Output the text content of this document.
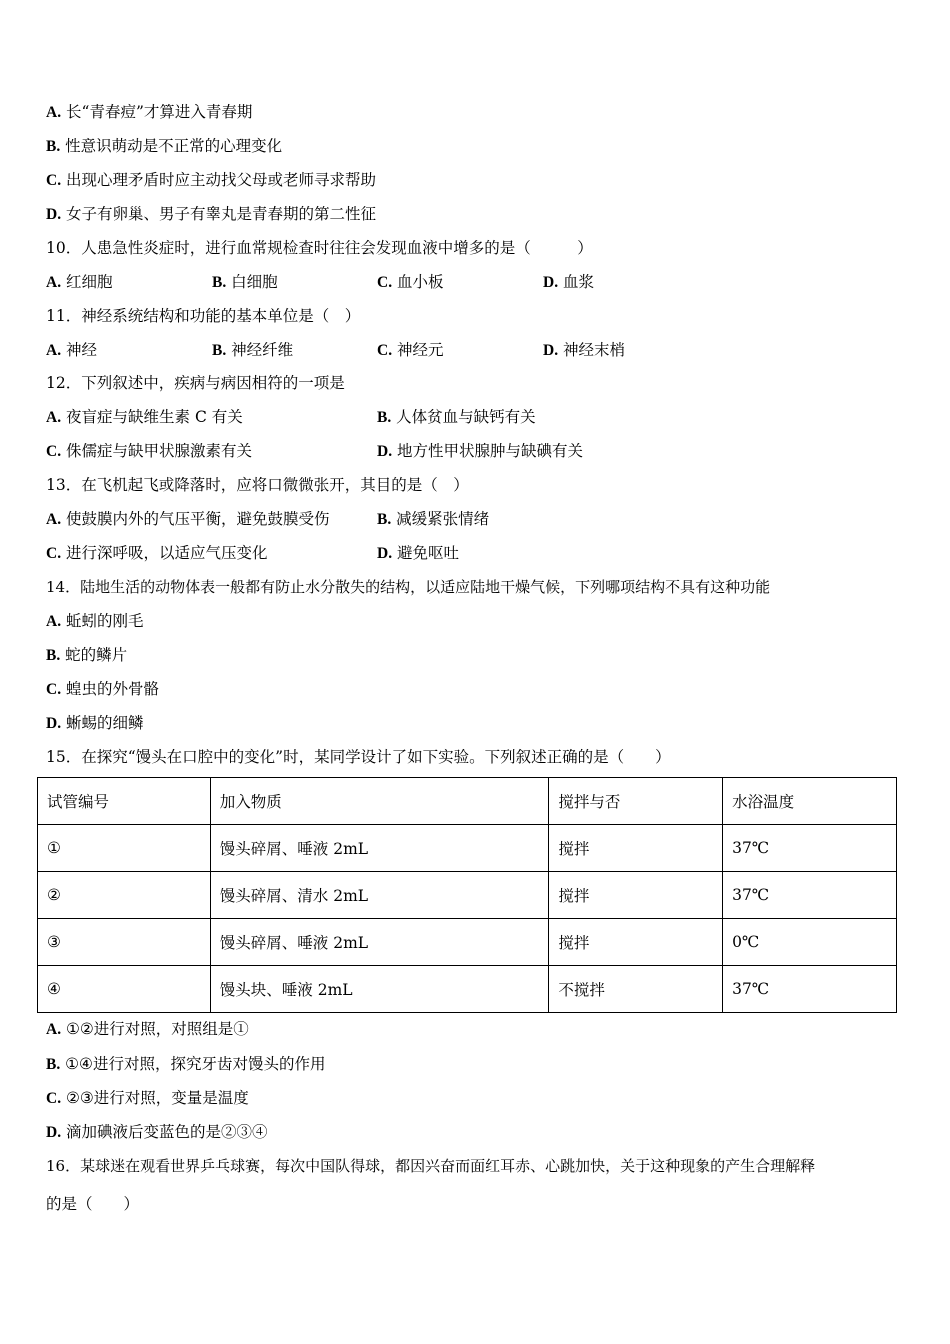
A. 长“青春痘”才算进入青春期
B. 性意识萌动是不正常的心理变化
C. 出现心理矛盾时应主动找父母或老师寻求帮助
D. 女子有卵巢、男子有睾丸是青春期的第二性征
10．人患急性炎症时，进行血常规检查时往往会发现血液中增多的是（　　　）
A. 红细胞	B. 白细胞	C. 血小板	D. 血浆
11．神经系统结构和功能的基本单位是（　）
A. 神经	B. 神经纤维	C. 神经元	D. 神经末梢
12．下列叙述中，疾病与病因相符的一项是
A. 夜盲症与缺维生素 C 有关	B. 人体贫血与缺钙有关
C. 侏儒症与缺甲状腺激素有关	D. 地方性甲状腺肿与缺碘有关
13．在飞机起飞或降落时，应将口微微张开，其目的是（　）
A. 使鼓膜内外的气压平衡，避免鼓膜受伤	B. 减缓紧张情绪
C. 进行深呼吸，以适应气压变化	D. 避免呕吐
14．陆地生活的动物体表一般都有防止水分散失的结构，以适应陆地干燥气候，下列哪项结构不具有这种功能
A. 蚯蚓的刚毛
B. 蛇的鳞片
C. 蝗虫的外骨骼
D. 蜥蜴的细鳞
15．在探究“馒头在口腔中的变化”时，某同学设计了如下实验。下列叙述正确的是（　　）
试管编号	加入物质	搅拌与否	水浴温度
①	馒头碎屑、唾液 2mL	搅拌	37℃
②	馒头碎屑、清水 2mL	搅拌	37℃
③	馒头碎屑、唾液 2mL	搅拌	0℃
④	馒头块、唾液 2mL	不搅拌	37℃
A. ①②进行对照，对照组是①
B. ①④进行对照，探究牙齿对馒头的作用
C. ②③进行对照，变量是温度
D. 滴加碘液后变蓝色的是②③④
16．某球迷在观看世界乒乓球赛，每次中国队得球，都因兴奋而面红耳赤、心跳加快，关于这种现象的产生合理解释
的是（　　）
